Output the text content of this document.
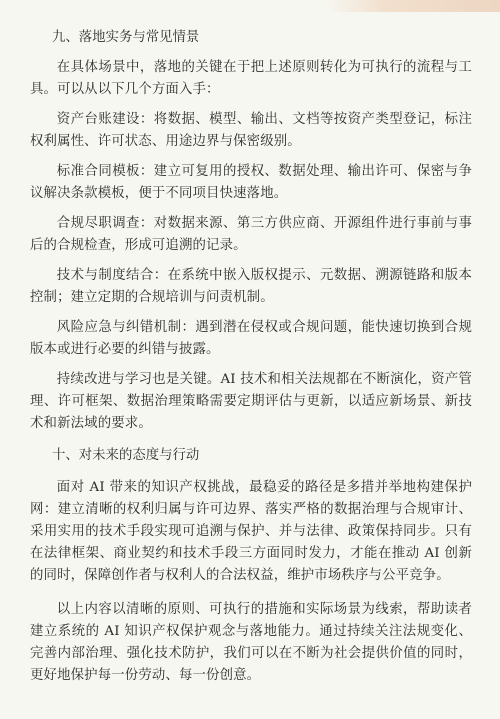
九、落地实务与常见情景

在具体场景中，落地的关键在于把上述原则转化为可执行的流程与工具。可以从以下几个方面入手：

资产台账建设：将数据、模型、输出、文档等按资产类型登记，标注权利属性、许可状态、用途边界与保密级别。

标准合同模板：建立可复用的授权、数据处理、输出许可、保密与争议解决条款模板，便于不同项目快速落地。

合规尽职调查：对数据来源、第三方供应商、开源组件进行事前与事后的合规检查，形成可追溯的记录。

技术与制度结合：在系统中嵌入版权提示、元数据、溯源链路和版本控制；建立定期的合规培训与问责机制。

风险应急与纠错机制：遇到潜在侵权或合规问题，能快速切换到合规版本或进行必要的纠错与披露。

持续改进与学习也是关键。AI 技术和相关法规都在不断演化，资产管理、许可框架、数据治理策略需要定期评估与更新，以适应新场景、新技术和新法域的要求。

十、对未来的态度与行动

面对 AI 带来的知识产权挑战，最稳妥的路径是多措并举地构建保护网：建立清晰的权利归属与许可边界、落实严格的数据治理与合规审计、采用实用的技术手段实现可追溯与保护、并与法律、政策保持同步。只有在法律框架、商业契约和技术手段三方面同时发力，才能在推动 AI 创新的同时，保障创作者与权利人的合法权益，维护市场秩序与公平竞争。

以上内容以清晰的原则、可执行的措施和实际场景为线索，帮助读者建立系统的 AI 知识产权保护观念与落地能力。通过持续关注法规变化、完善内部治理、强化技术防护，我们可以在不断为社会提供价值的同时，更好地保护每一份劳动、每一份创意。
